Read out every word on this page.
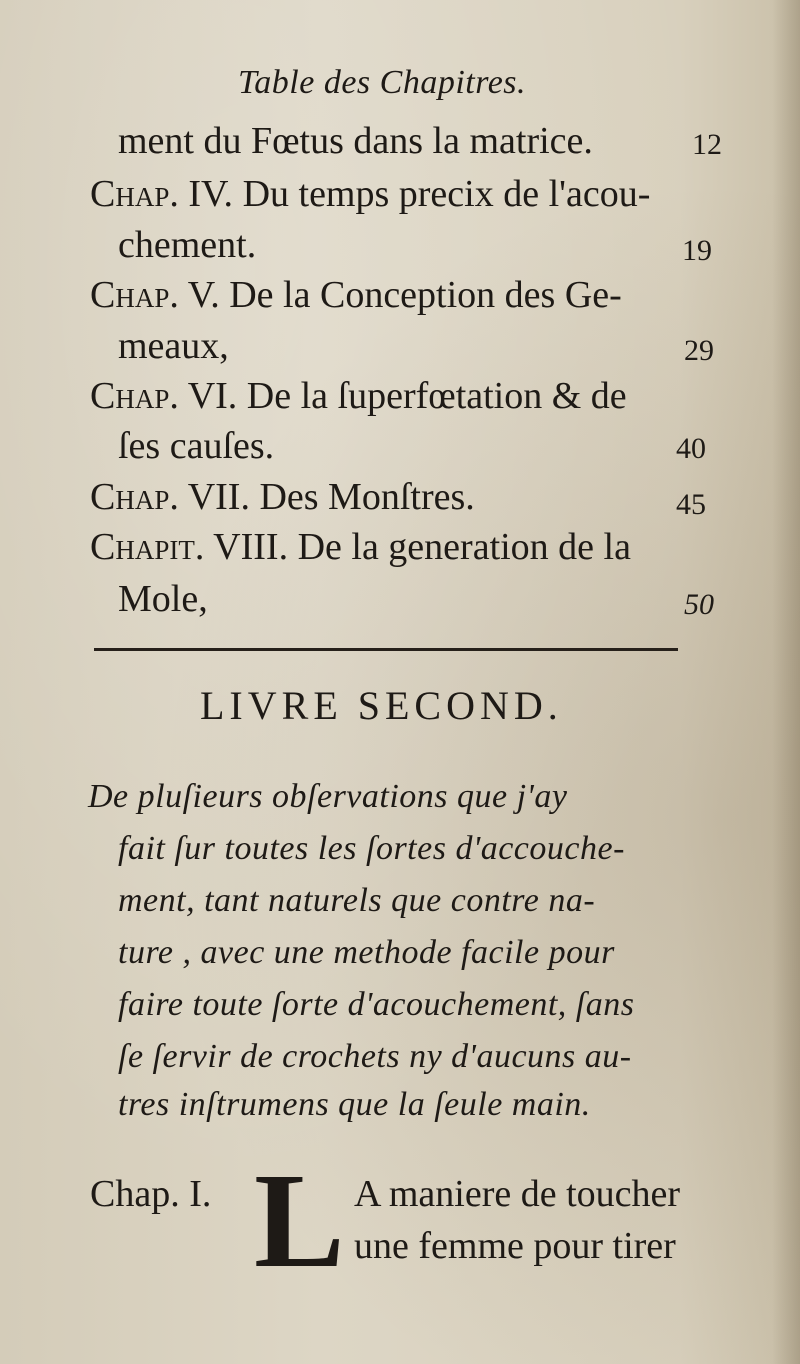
Table des Chapitres.
ment du Fœtus dans la matrice.	12
Chap. IV. Du temps precix de l'acou-
chement.	19
Chap. V. De la Conception des Ge-
meaux,	29
Chap. VI. De la ſuperfœtation & de
ſes cauſes.	40
Chap. VII. Des Monſtres.	45
Chapit. VIII. De la generation de la
Mole,	50
LIVRE SECOND.
De pluſieurs obſervations que j'ay
fait ſur toutes les ſortes d'accouche-
ment, tant naturels que contre na-
ture , avec une methode facile pour
faire toute ſorte d'acouchement, ſans
ſe ſervir de crochets ny d'aucuns au-
tres inſtrumens que la ſeule main.
Chap. I. L A maniere de toucher
une femme pour tirer
